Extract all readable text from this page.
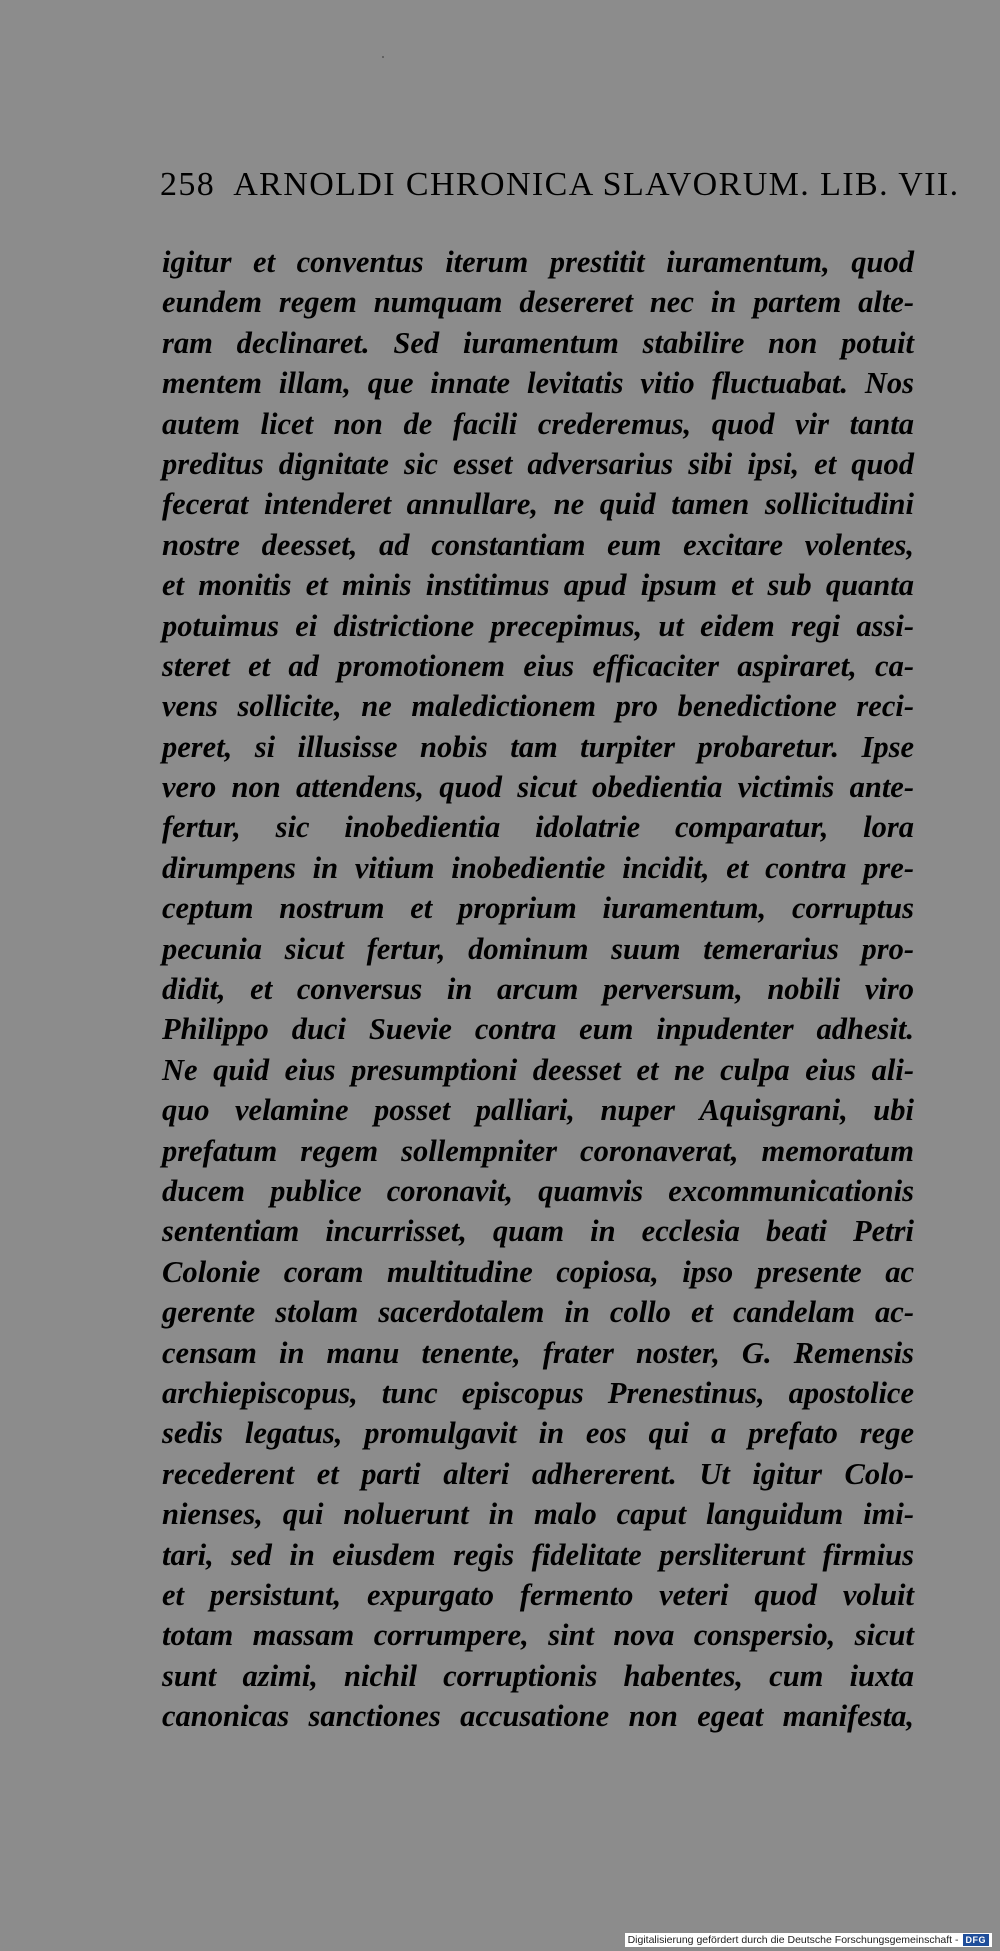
258 ARNOLDI CHRONICA SLAVORUM. LIB. VII.
igitur et conventus iterum prestitit iuramentum, quod
eundem regem numquam desereret nec in partem alte-
ram declinaret. Sed iuramentum stabilire non potuit
mentem illam, que innate levitatis vitio fluctuabat. Nos
autem licet non de facili crederemus, quod vir tanta
preditus dignitate sic esset adversarius sibi ipsi, et quod
fecerat intenderet annullare, ne quid tamen sollicitudini
nostre deesset, ad constantiam eum excitare volentes,
et monitis et minis institimus apud ipsum et sub quanta
potuimus ei districtione precepimus, ut eidem regi assi-
steret et ad promotionem eius efficaciter aspiraret, ca-
vens sollicite, ne maledictionem pro benedictione reci-
peret, si illusisse nobis tam turpiter probaretur. Ipse
vero non attendens, quod sicut obedientia victimis ante-
fertur, sic inobedientia idolatrie comparatur, lora
dirumpens in vitium inobedientie incidit, et contra pre-
ceptum nostrum et proprium iuramentum, corruptus
pecunia sicut fertur, dominum suum temerarius pro-
didit, et conversus in arcum perversum, nobili viro
Philippo duci Suevie contra eum inpudenter adhesit.
Ne quid eius presumptioni deesset et ne culpa eius ali-
quo velamine posset palliari, nuper Aquisgrani, ubi
prefatum regem sollempniter coronaverat, memoratum
ducem publice coronavit, quamvis excommunicationis
sententiam incurrisset, quam in ecclesia beati Petri
Colonie coram multitudine copiosa, ipso presente ac
gerente stolam sacerdotalem in collo et candelam ac-
censam in manu tenente, frater noster, G. Remensis
archiepiscopus, tunc episcopus Prenestinus, apostolice
sedis legatus, promulgavit in eos qui a prefato rege
recederent et parti alteri adhererent. Ut igitur Colo-
nienses, qui noluerunt in malo caput languidum imi-
tari, sed in eiusdem regis fidelitate persliterunt firmius
et persistunt, expurgato fermento veteri quod voluit
totam massam corrumpere, sint nova conspersio, sicut
sunt azimi, nichil corruptionis habentes, cum iuxta
canonicas sanctiones accusatione non egeat manifesta,
Digitalisierung gefördert durch die Deutsche Forschungsgemeinschaft - DFG
